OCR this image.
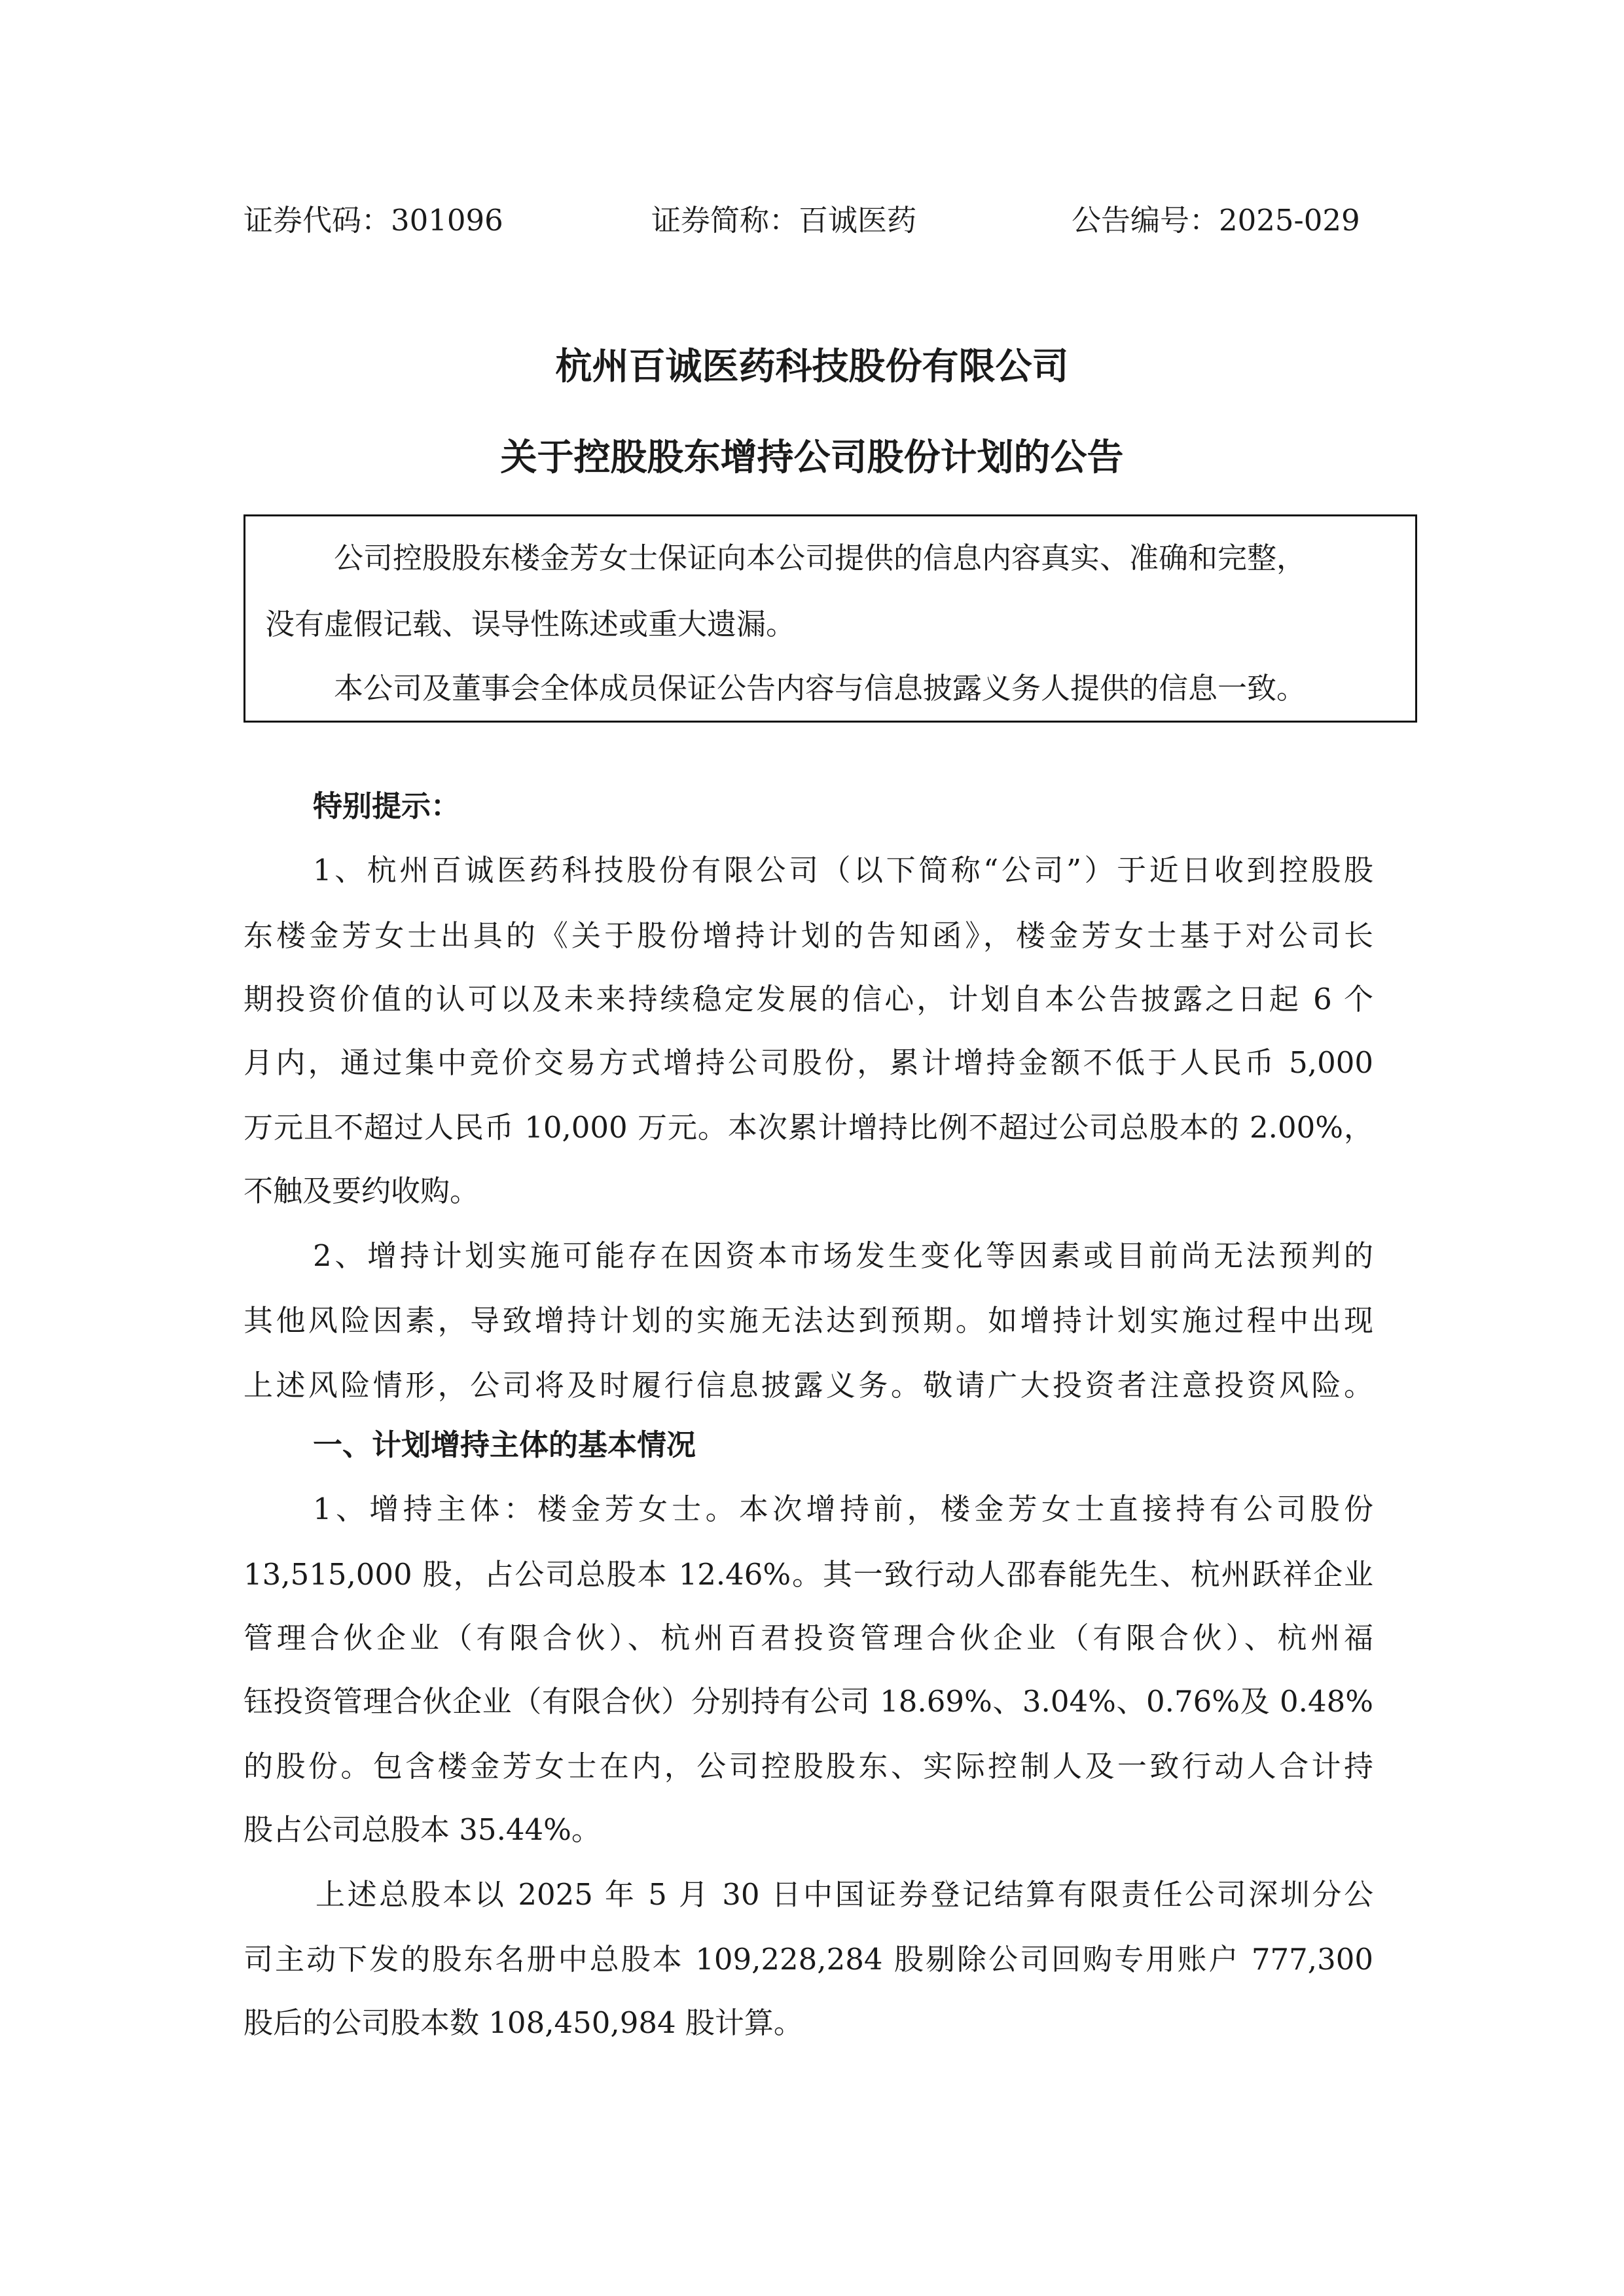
证券代码：301096	证券简称：百诚医药	公告编号：2025-029
杭州百诚医药科技股份有限公司
关于控股股东增持公司股份计划的公告
公司控股股东楼金芳女士保证向本公司提供的信息内容真实、准确和完整，
没有虚假记载、误导性陈述或重大遗漏。
本公司及董事会全体成员保证公告内容与信息披露义务人提供的信息一致。
特别提示：
1、杭州百诚医药科技股份有限公司（以下简称“公司”）于近日收到控股股
东楼金芳女士出具的《关于股份增持计划的告知函》，楼金芳女士基于对公司长
期投资价值的认可以及未来持续稳定发展的信心，计划自本公告披露之日起 6 个
月内，通过集中竞价交易方式增持公司股份，累计增持金额不低于人民币 5,000
万元且不超过人民币 10,000 万元。本次累计增持比例不超过公司总股本的 2.00%，
不触及要约收购。
2、增持计划实施可能存在因资本市场发生变化等因素或目前尚无法预判的
其他风险因素，导致增持计划的实施无法达到预期。如增持计划实施过程中出现
上述风险情形，公司将及时履行信息披露义务。敬请广大投资者注意投资风险。
一、计划增持主体的基本情况
1、增持主体：楼金芳女士。本次增持前，楼金芳女士直接持有公司股份
13,515,000 股，占公司总股本 12.46%。其一致行动人邵春能先生、杭州跃祥企业
管理合伙企业（有限合伙）、杭州百君投资管理合伙企业（有限合伙）、杭州福
钰投资管理合伙企业（有限合伙）分别持有公司 18.69%、3.04%、0.76%及 0.48%
的股份。包含楼金芳女士在内，公司控股股东、实际控制人及一致行动人合计持
股占公司总股本 35.44%。
上述总股本以 2025 年 5 月 30 日中国证券登记结算有限责任公司深圳分公
司主动下发的股东名册中总股本 109,228,284 股剔除公司回购专用账户 777,300
股后的公司股本数 108,450,984 股计算。
